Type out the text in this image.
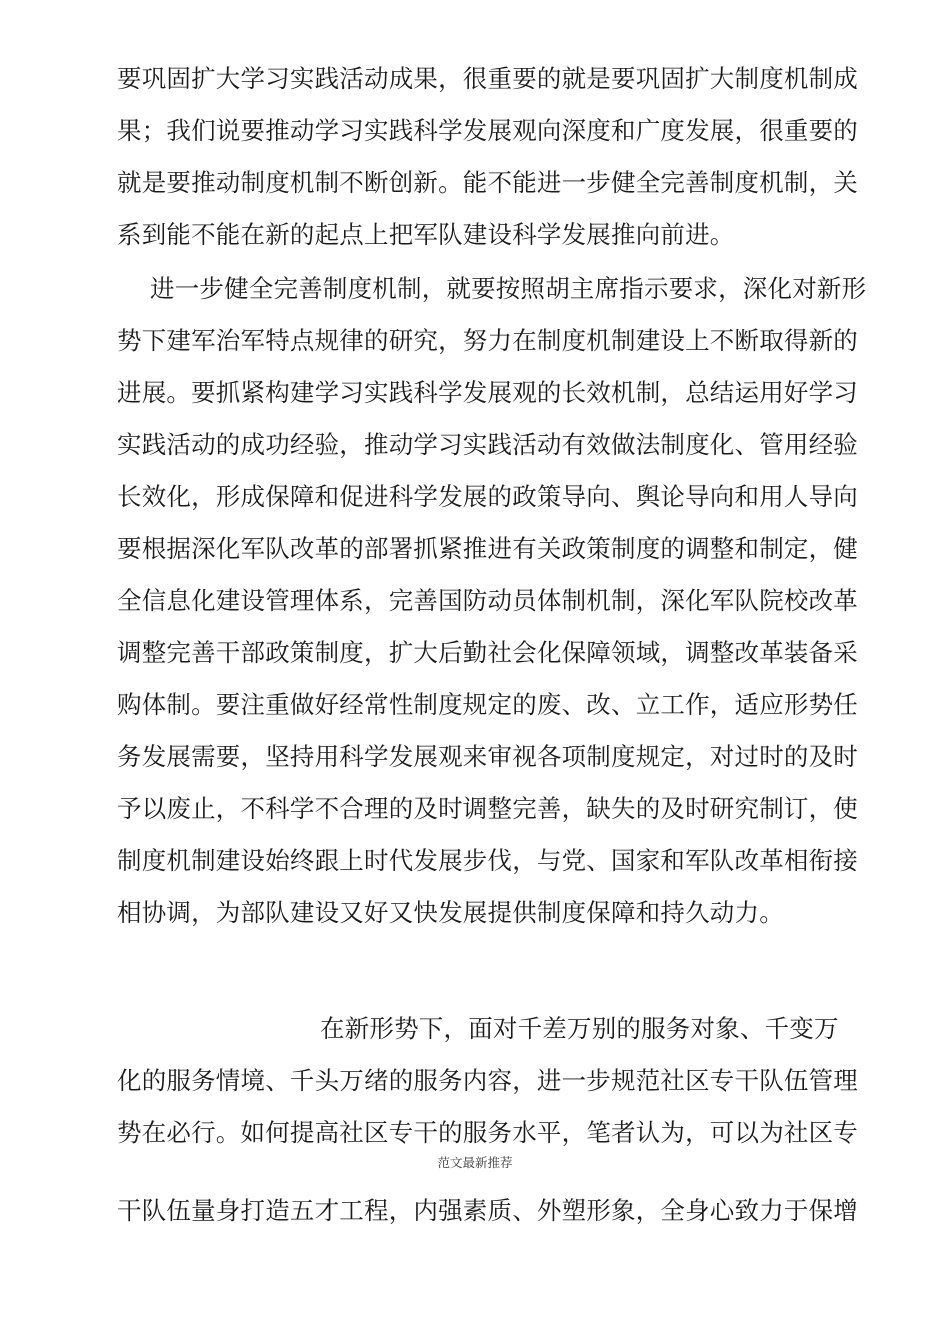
要巩固扩大学习实践活动成果，很重要的就是要巩固扩大制度机制成
果；我们说要推动学习实践科学发展观向深度和广度发展，很重要的
就是要推动制度机制不断创新。能不能进一步健全完善制度机制，关
系到能不能在新的起点上把军队建设科学发展推向前进。
进一步健全完善制度机制，就要按照胡主席指示要求，深化对新形
势下建军治军特点规律的研究，努力在制度机制建设上不断取得新的
进展。要抓紧构建学习实践科学发展观的长效机制，总结运用好学习
实践活动的成功经验，推动学习实践活动有效做法制度化、管用经验
长效化，形成保障和促进科学发展的政策导向、舆论导向和用人导向
要根据深化军队改革的部署抓紧推进有关政策制度的调整和制定，健
全信息化建设管理体系，完善国防动员体制机制，深化军队院校改革
调整完善干部政策制度，扩大后勤社会化保障领域，调整改革装备采
购体制。要注重做好经常性制度规定的废、改、立工作，适应形势任
务发展需要，坚持用科学发展观来审视各项制度规定，对过时的及时
予以废止，不科学不合理的及时调整完善，缺失的及时研究制订，使
制度机制建设始终跟上时代发展步伐，与党、国家和军队改革相衔接
相协调，为部队建设又好又快发展提供制度保障和持久动力。
在新形势下，面对千差万别的服务对象、千变万
化的服务情境、千头万绪的服务内容，进一步规范社区专干队伍管理
势在必行。如何提高社区专干的服务水平，笔者认为，可以为社区专
范文最新推荐
干队伍量身打造五才工程，内强素质、外塑形象，全身心致力于保增
